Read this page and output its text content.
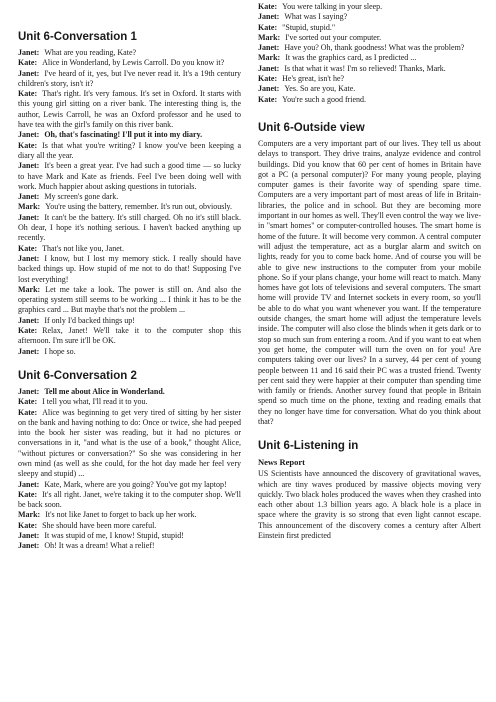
Unit 6-Conversation 1

Janet: What are you reading, Kate?

Kate: Alice in Wonderland, by Lewis Carroll. Do you know it?

Janet: I've heard of it, yes, but I've never read it. It's a 19th century children's story, isn't it?

Kate: That's right. It's very famous. It's set in Oxford. It starts with this young girl sitting on a river bank. The interesting thing is, the author, Lewis Carroll, he was an Oxford professor and he used to have tea with the girl's family on this river bank.

Janet: Oh, that's fascinating! I'll put it into my diary.

Kate: Is that what you're writing? I know you've been keeping a diary all the year.

Janet: It's been a great year. I've had such a good time — so lucky to have Mark and Kate as friends. Feel I've been doing well with work. Much happier about asking questions in tutorials.

Janet: My screen's gone dark.

Mark: You're using the battery, remember. It's run out, obviously.

Janet: It can't be the battery. It's still charged. Oh no it's still black. Oh dear, I hope it's nothing serious. I haven't backed anything up recently.

Kate: That's not like you, Janet.

Janet: I know, but I lost my memory stick. I really should have backed things up. How stupid of me not to do that! Supposing I've lost everything!

Mark: Let me take a look. The power is still on. And also the operating system still seems to be working ... I think it has to be the graphics card ... But maybe that's not the problem ...

Janet: If only I'd backed things up!

Kate: Relax, Janet! We'll take it to the computer shop this afternoon. I'm sure it'll be OK.

Janet: I hope so.

Unit 6-Conversation 2

Janet: Tell me about Alice in Wonderland.

Kate: I tell you what, I'll read it to you.

Kate: Alice was beginning to get very tired of sitting by her sister on the bank and having nothing to do: Once or twice, she had peeped into the book her sister was reading, but it had no pictures or conversations in it, "and what is the use of a book," thought Alice, "without pictures or conversation?" So she was considering in her own mind (as well as she could, for the hot day made her feel very sleepy and stupid) ...

Janet: Kate, Mark, where are you going? You've got my laptop!

Kate: It's all right. Janet, we're taking it to the computer shop. We'll be back soon.

Mark: It's not like Janet to forget to back up her work.

Kate: She should have been more careful.

Janet: It was stupid of me, I know! Stupid, stupid!

Janet: Oh! It was a dream! What a relief!

Kate: You were talking in your sleep.

Janet: What was I saying?

Kate: "Stupid, stupid."

Mark: I've sorted out your computer.

Janet: Have you? Oh, thank goodness! What was the problem?

Mark: It was the graphics card, as I predicted ...

Janet: Is that what it was! I'm so relieved! Thanks, Mark.

Kate: He's great, isn't he?

Janet: Yes. So are you, Kate.

Kate: You're such a good friend.

Unit 6-Outside view

Computers are a very important part of our lives. They tell us about delays to transport. They drive trains, analyze evidence and control buildings. Did you know that 60 per cent of homes in Britain have got a PC (a personal computer)? For many young people, playing computer games is their favorite way of spending spare time. Computers are a very important part of most areas of life in Britain-libraries, the police and in school. But they are becoming more important in our homes as well. They'll even control the way we live-in "smart homes" or computer-controlled houses. The smart home is home of the future. It will become very common. A central computer will adjust the temperature, act as a burglar alarm and switch on lights, ready for you to come back home. And of course you will be able to give new instructions to the computer from your mobile phone. So if your plans change, your home will react to match. Many homes have got lots of televisions and several computers. The smart home will provide TV and Internet sockets in every room, so you'll be able to do what you want whenever you want. If the temperature outside changes, the smart home will adjust the temperature levels inside. The computer will also close the blinds when it gets dark or to stop so much sun from entering a room. And if you want to eat when you get home, the computer will turn the oven on for you! Are computers taking over our lives? In a survey, 44 per cent of young people between 11 and 16 said their PC was a trusted friend. Twenty per cent said they were happier at their computer than spending time with family or friends. Another survey found that people in Britain spend so much time on the phone, texting and reading emails that they no longer have time for conversation. What do you think about that?

Unit 6-Listening in
News Report

US Scientists have announced the discovery of gravitational waves, which are tiny waves produced by massive objects moving very quickly. Two black holes produced the waves when they crashed into each other about 1.3 billion years ago. A black hole is a place in space where the gravity is so strong that even light cannot escape. This announcement of the discovery comes a century after Albert Einstein first predicted
